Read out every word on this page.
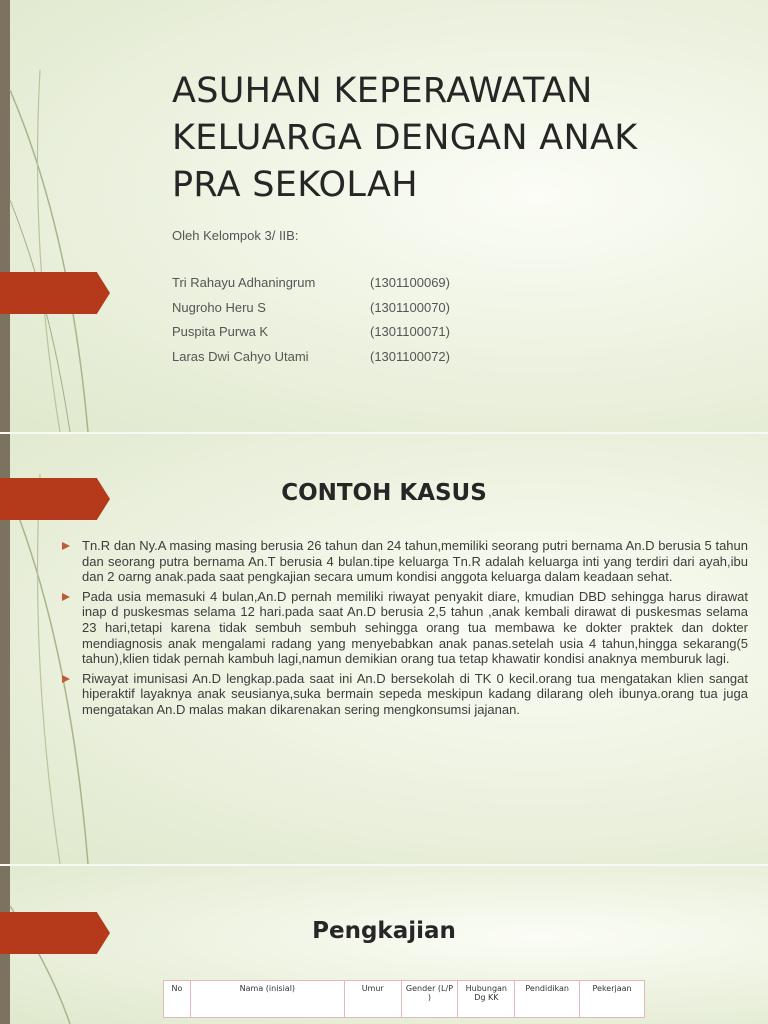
ASUHAN KEPERAWATAN KELUARGA DENGAN ANAK PRA SEKOLAH
Oleh Kelompok 3/ IIB:
Tri Rahayu Adhaningrum	(1301100069)
Nugroho Heru S	(1301100070)
Puspita Purwa K	(1301100071)
Laras Dwi Cahyo Utami	(1301100072)
CONTOH KASUS
Tn.R dan Ny.A masing masing berusia 26 tahun dan 24 tahun,memiliki seorang putri bernama An.D berusia 5 tahun dan seorang putra bernama An.T berusia 4 bulan.tipe keluarga Tn.R adalah keluarga inti yang terdiri dari ayah,ibu dan 2 oarng anak.pada saat pengkajian secara umum kondisi anggota keluarga dalam keadaan sehat.
Pada usia memasuki 4 bulan,An.D pernah memiliki riwayat penyakit diare, kmudian DBD sehingga harus dirawat inap d puskesmas selama 12 hari.pada saat An.D berusia 2,5 tahun ,anak kembali dirawat di puskesmas selama 23 hari,tetapi karena tidak sembuh sembuh sehingga orang tua membawa ke dokter praktek dan dokter mendiagnosis anak mengalami radang yang menyebabkan anak panas.setelah usia 4 tahun,hingga sekarang(5 tahun),klien tidak pernah kambuh lagi,namun demikian orang tua tetap khawatir kondisi anaknya memburuk lagi.
Riwayat imunisasi An.D lengkap.pada saat ini An.D bersekolah di TK 0 kecil.orang tua mengatakan klien sangat hiperaktif layaknya anak seusianya,suka bermain sepeda meskipun kadang dilarang oleh ibunya.orang tua juga mengatakan An.D malas makan dikarenakan sering mengkonsumsi jajanan.
Pengkajian
No	Nama (inisial)	Umur	Gender (L/P )	Hubungan Dg KK	Pendidikan	Pekerjaan
